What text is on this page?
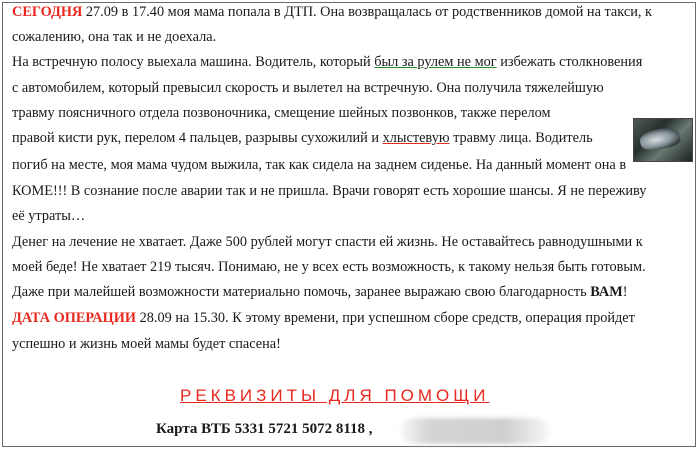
СЕГОДНЯ 27.09 в 17.40 моя мама попала в ДТП. Она возвращалась от родственников домой на такси, к
сожалению, она так и не доехала.
На встречную полосу выехала машина. Водитель, который был за рулем не мог избежать столкновения
с автомобилем, который превысил скорость и вылетел на встречную. Она получила тяжелейшую
травму поясничного отдела позвоночника, смещение шейных позвонков, также перелом
правой кисти рук, перелом 4 пальцев, разрывы сухожилий и хлыстевую травму лица. Водитель
погиб на месте, моя мама чудом выжила, так как сидела на заднем сиденье. На данный момент она в
КОМЕ!!! В сознание после аварии так и не пришла. Врачи говорят есть хорошие шансы. Я не переживу
её утраты…
Денег на лечение не хватает. Даже 500 рублей могут спасти ей жизнь. Не оставайтесь равнодушными к
моей беде! Не хватает 219 тысяч. Понимаю, не у всех есть возможность, к такому нельзя быть готовым.
Даже при малейшей возможности материально помочь, заранее выражаю свою благодарность ВАМ!
ДАТА ОПЕРАЦИИ 28.09 на 15.30. К этому времени, при успешном сборе средств, операция пройдет
успешно и жизнь моей мамы будет спасена!
РЕКВИЗИТЫ ДЛЯ ПОМОЩИ
Карта ВТБ 5331 5721 5072 8118 ,
